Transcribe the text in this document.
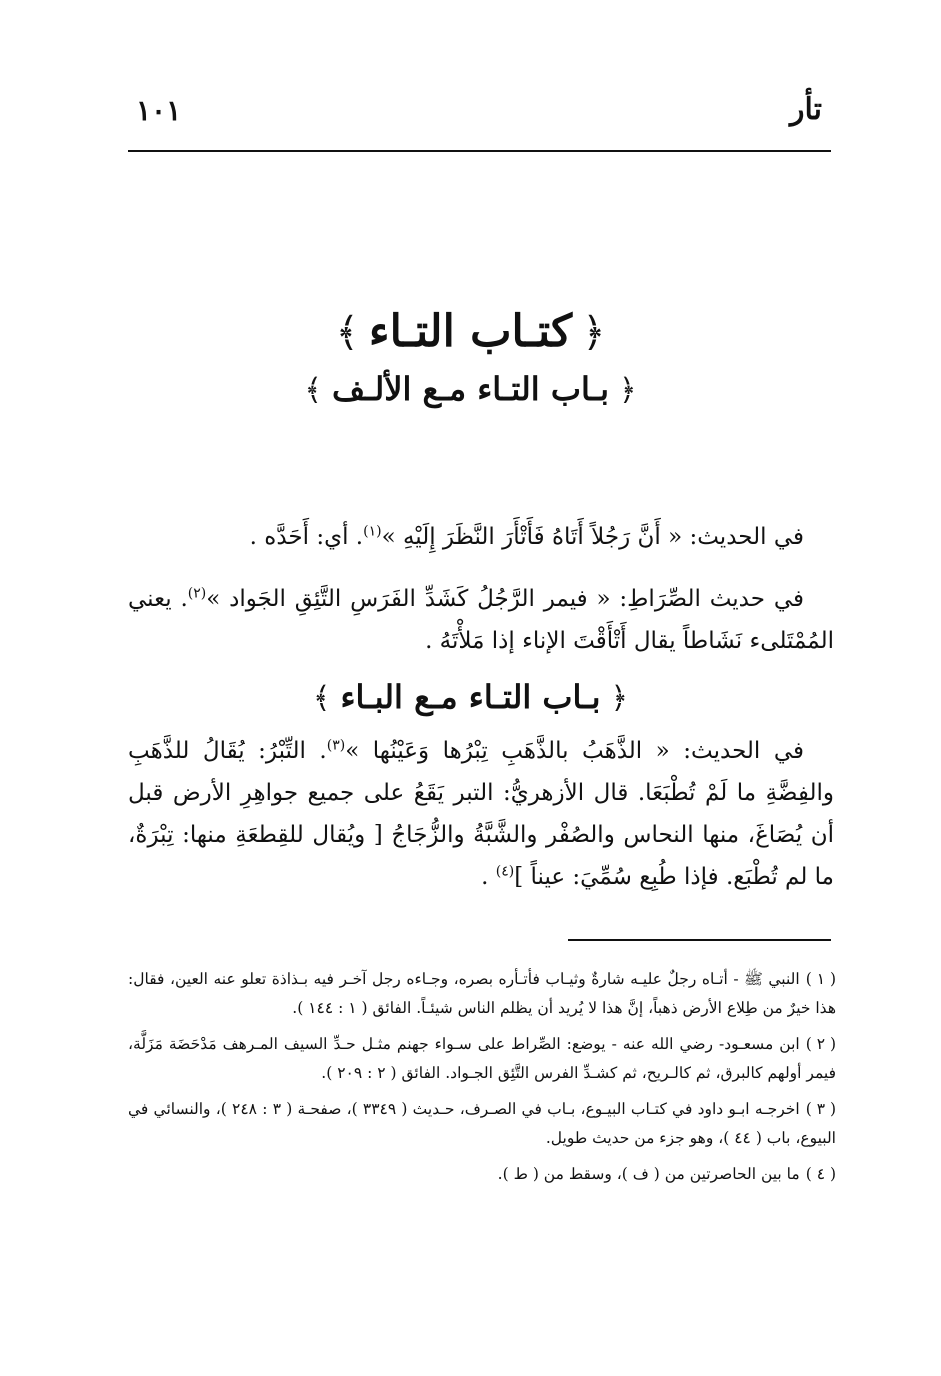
تأر
١٠١
﴿كتـاب التـاء﴾
﴿بـاب التـاء مـع الألـف﴾
في الحديث: « أَنَّ رَجُلاً أَتَاهُ فَأَتْأَرَ النَّظَرَ إِلَيْهِ »$^{(١)}$. أي: أَحَدَّه .
في حديث الصِّرَاطِ: « فيمر الرَّجُلُ كَشَدِّ الفَرَسِ التَّئِقِ الجَواد »$^{(٢)}$. يعني المُمْتَلىء نَشَاطاً يقال أَتْأَقْتَ الإناء إذا مَلأْتَهُ .
﴿بـاب التـاء مـع البـاء﴾
في الحديث: « الذَّهَبُ بالذَّهَبِ تِبْرُها وَعَيْنُها »$^{(٣)}$. التِّبْرُ: يُقَالُ للذَّهَبِ والفِضَّةِ ما لَمْ تُطْبَعَا. قال الأزهريُّ: التبر يَقَعُ على جميع جواهِرِ الأرض قبل أن يُصَاغَ، منها النحاس والصُفْر والشَّبَّةُ والزُّجَاجُ [ ويُقال للقِطعَةِ منها: تِبْرَةٌ، ما لم تُطْبَع. فإذا طُبِع سُمِّيَ: عيناً ]$^{(٤)}$ .
( ١ )النبي ﷺ - أتـاه رجلٌ عليـه شارةٌ وثيـاب فأتـأره بصره، وجـاءه رجل آخـر فيه بـذاذة تعلو عنه العين، فقال: هذا خيرٌ من طِلاع الأرض ذهباً، إنَّ هذا لا يُريد أن يظلم الناس شيئـاً. الفائق ( ١ : ١٤٤ ).
( ٢ )ابن مسعـود- رضي الله عنه - يوضع: الصِّراط على سـواء جهنم مثـل حـدِّ السيف المـرهف مَدْحَضَة مَزَلَّة، فيمر أولهم كالبرق، ثم كالـريح، ثم كشـدِّ الفرس التَّئِق الجـواد. الفائق ( ٢ : ٢٠٩ ).
( ٣ )اخرجـه ابـو داود في كتـاب البيـوع، بـاب في الصـرف، حـديث ( ٣٣٤٩ )، صفحـة ( ٣ : ٢٤٨ )، والنسائي في البيوع، باب ( ٤٤ )، وهو جزء من حديث طويل.
( ٤ )ما بين الحاصرتين من ( ف )، وسقط من ( ط ).
